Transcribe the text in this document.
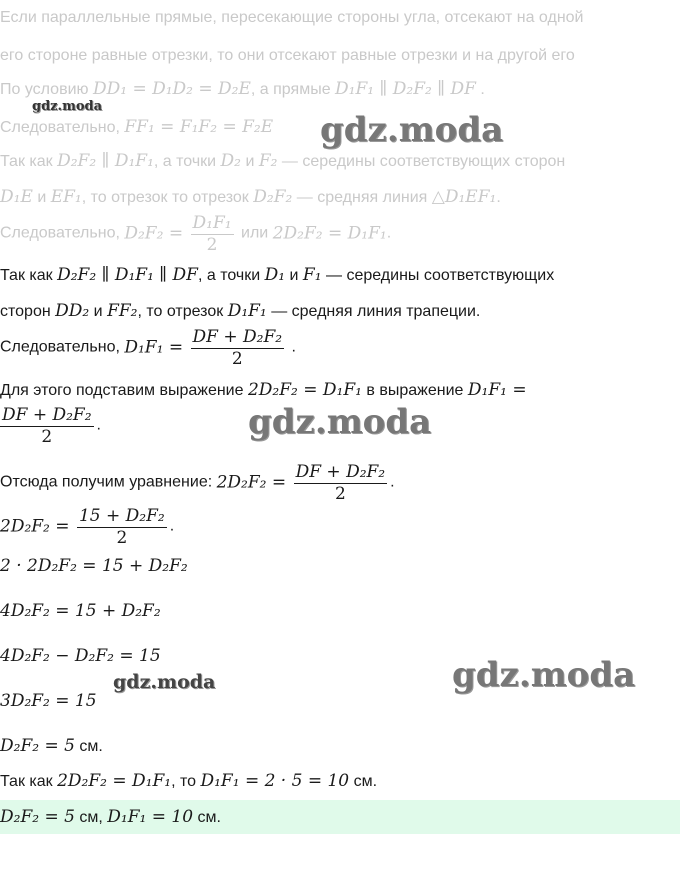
Если параллельные прямые, пересекающие стороны угла, отсекают на одной
его стороне равные отрезки, то они отсекают равные отрезки и на другой его
По условию DD₁ = D₁D₂ = D₂E, а прямые D₁F₁ ∥ D₂F₂ ∥ DF .
Следовательно, FF₁ = F₁F₂ = F₂E
Так как D₂F₂ ∥ D₁F₁, а точки D₂ и F₂ — середины соответствующих сторон
D₁E и EF₁, то отрезок то отрезок D₂F₂ — средняя линия △D₁EF₁.
Следовательно, $D_2F_2 = \frac{\text{D₁F₁}}{2}$ или 2D₂F₂ = D₁F₁.
Так как D₂F₂ ∥ D₁F₁ ∥ DF, а точки D₁ и F₁ — середины соответствующих
сторон DD₂ и FF₂, то отрезок D₁F₁ — средняя линия трапеции.
Следовательно, $D_1F_1 = \frac{\text{DF + D₂F₂}}{2}$ .
Для этого подставим выражение 2D₂F₂ = D₁F₁ в выражение D₁F₁ =
$\frac{\text{DF + D₂F₂}}{2}$ .
Отсюда получим уравнение: $2D_2F_2 = \frac{\text{DF + D₂F₂}}{2}$ .
$2D_2F_2 = \frac{\text{15 + D₂F₂}}{2}$ .
2 · 2D₂F₂ = 15 + D₂F₂
4D₂F₂ = 15 + D₂F₂
4D₂F₂ − D₂F₂ = 15
3D₂F₂ = 15
D₂F₂ = 5 см.
Так как 2D₂F₂ = D₁F₁, то D₁F₁ = 2 · 5 = 10 см.
D₂F₂ = 5 см, D₁F₁ = 10 см.
gdz.moda
gdz.moda
gdz.moda
gdz.moda
gdz.moda
